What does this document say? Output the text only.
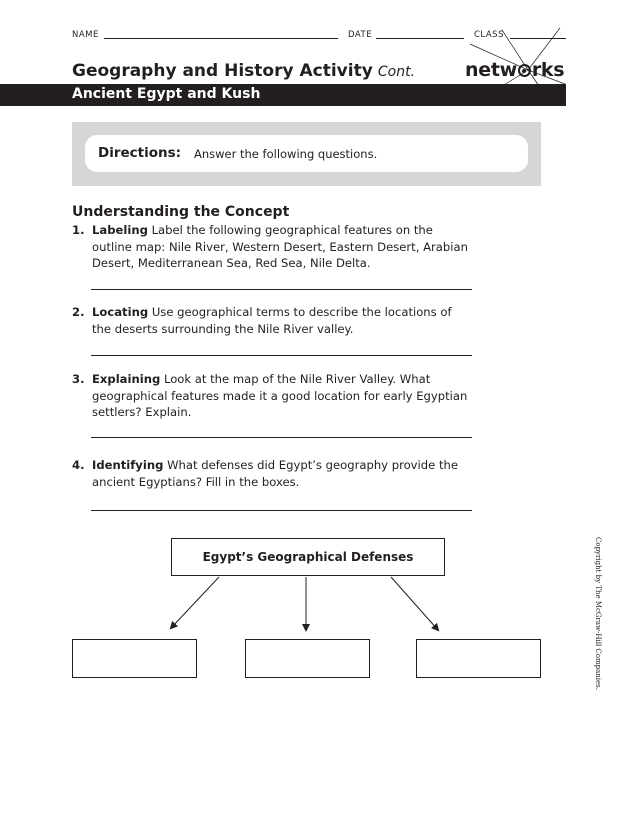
NAME	DATE	CLASS
Geography and History Activity Cont.	netw rks
Ancient Egypt and Kush
Directions: Answer the following questions.
Understanding the Concept
1. Labeling Label the following geographical features on the outline map: Nile River, Western Desert, Eastern Desert, Arabian Desert, Mediterranean Sea, Red Sea, Nile Delta.
2. Locating Use geographical terms to describe the locations of the deserts surrounding the Nile River valley.
3. Explaining Look at the map of the Nile River Valley. What geographical features made it a good location for early Egyptian settlers? Explain.
4. Identifying What defenses did Egypt’s geography provide the ancient Egyptians? Fill in the boxes.
Egypt’s Geographical Defenses	Copyright by The McGraw-Hill Companies.
